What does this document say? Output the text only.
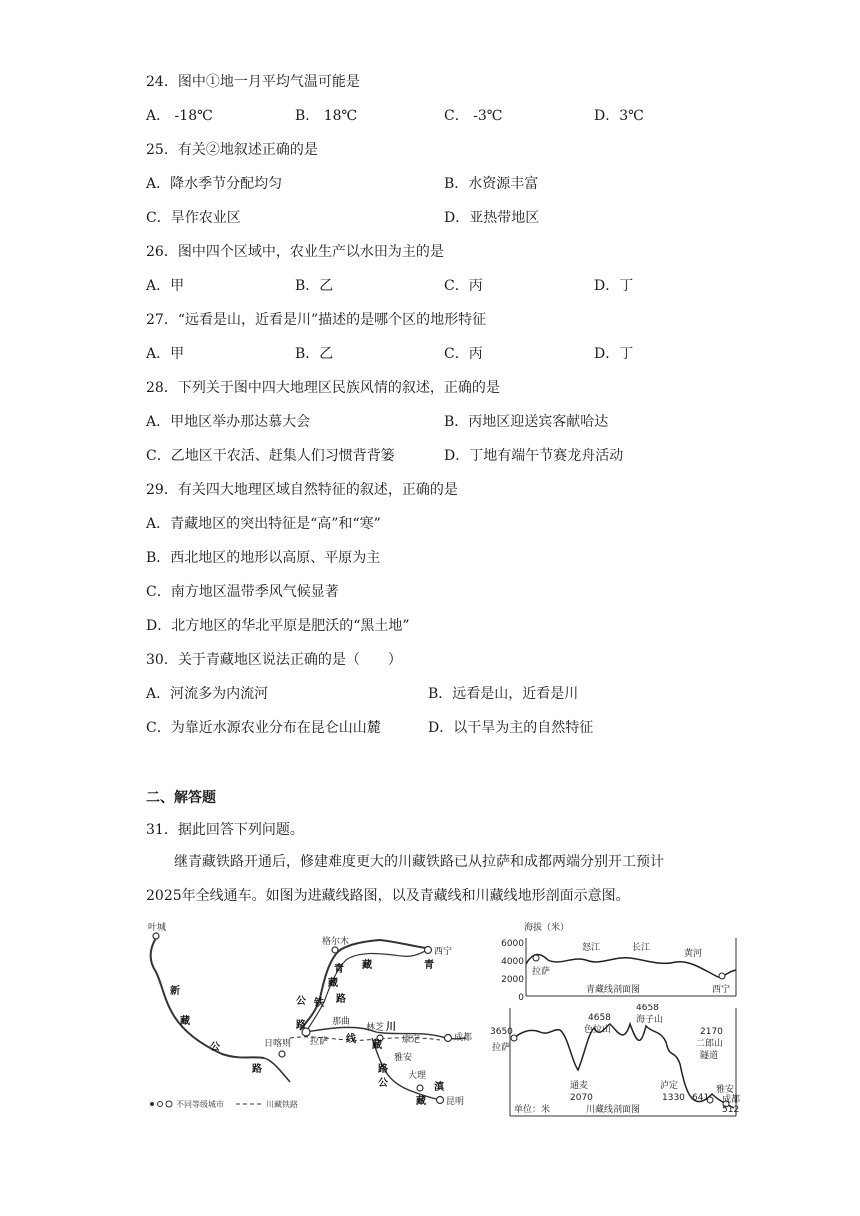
24．图中①地一月平均气温可能是
A． -18℃	B． 18℃	C． -3℃	D．3℃
25．有关②地叙述正确的是
A．降水季节分配均匀	B．水资源丰富
C．旱作农业区	D．亚热带地区
26．图中四个区域中，农业生产以水田为主的是
A．甲	B．乙	C．丙	D．丁
27．“远看是山，近看是川”描述的是哪个区的地形特征
A．甲	B．乙	C．丙	D．丁
28．下列关于图中四大地理区民族风情的叙述，正确的是
A．甲地区举办那达慕大会	B．丙地区迎送宾客献哈达
C．乙地区干农活、赶集人们习惯背背篓	D．丁地有端午节赛龙舟活动
29．有关四大地理区域自然特征的叙述，正确的是
A．青藏地区的突出特征是“高”和“寒”
B．西北地区的地形以高原、平原为主
C．南方地区温带季风气候显著
D．北方地区的华北平原是肥沃的“黑土地”
30．关于青藏地区说法正确的是（　　）
A．河流多为内流河	B．远看是山，近看是川
C．为靠近水源农业分布在昆仑山山麓	D．以干旱为主的自然特征
二、解答题
31．据此回答下列问题。
继青藏铁路开通后，修建难度更大的川藏铁路已从拉萨和成都两端分别开工预计
2025年全线通车。如图为进藏线路图，以及青藏线和川藏线地形剖面示意图。
叶城
格尔木
西宁
日喀则 拉萨
林芝
雅安
成都
康定
大理
昆明
那曲
新
藏
公
路
青
藏
铁
路
青
藏
公	路
川
藏
线
滇
藏
公
路
不同等级城市	川藏铁路
海拔（米）
6000
4000
2000
0
拉萨
怒江	长江
黄河
西宁
青藏线剖面图
3650
拉萨
4658
色拉山
4658
海子山
2170
二郎山
隧道
通麦
2070
泸定
1330 641
雅安
成都
512
单位：米	川藏线剖面图
